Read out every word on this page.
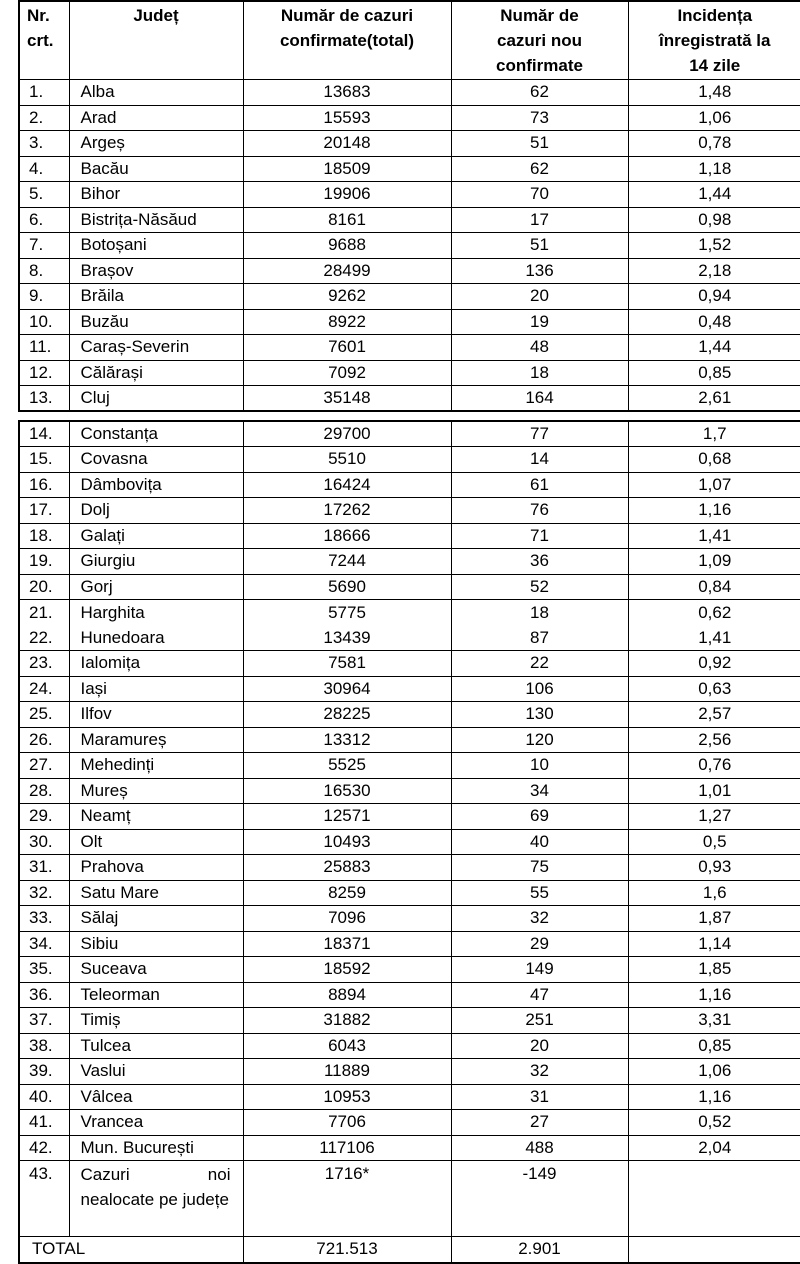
Nr. crt.	Județ	Număr de cazuri confirmate(total)	Număr de cazuri nou confirmate	Incidența înregistrată la 14 zile

1.	Alba	13683	62	1,48
2.	Arad	15593	73	1,06
3.	Argeș	20148	51	0,78
4.	Bacău	18509	62	1,18
5.	Bihor	19906	70	1,44
6.	Bistrița-Năsăud	8161	17	0,98
7.	Botoșani	9688	51	1,52
8.	Brașov	28499	136	2,18
9.	Brăila	9262	20	0,94
10.	Buzău	8922	19	0,48
11.	Caraș-Severin	7601	48	1,44
12.	Călărași	7092	18	0,85
13.	Cluj	35148	164	2,61
14.	Constanța	29700	77	1,7
15.	Covasna	5510	14	0,68
16.	Dâmbovița	16424	61	1,07
17.	Dolj	17262	76	1,16
18.	Galați	18666	71	1,41
19.	Giurgiu	7244	36	1,09
20.	Gorj	5690	52	0,84
21.	Harghita	5775	18	0,62
22.	Hunedoara	13439	87	1,41
23.	Ialomița	7581	22	0,92
24.	Iași	30964	106	0,63
25.	Ilfov	28225	130	2,57
26.	Maramureș	13312	120	2,56
27.	Mehedinți	5525	10	0,76
28.	Mureș	16530	34	1,01
29.	Neamț	12571	69	1,27
30.	Olt	10493	40	0,5
31.	Prahova	25883	75	0,93
32.	Satu Mare	8259	55	1,6
33.	Sălaj	7096	32	1,87
34.	Sibiu	18371	29	1,14
35.	Suceava	18592	149	1,85
36.	Teleorman	8894	47	1,16
37.	Timiș	31882	251	3,31
38.	Tulcea	6043	20	0,85
39.	Vaslui	11889	32	1,06
40.	Vâlcea	10953	31	1,16
41.	Vrancea	7706	27	0,52
42.	Mun. București	117106	488	2,04
43.	Cazuri noi nealocate pe județe	1716*	-149	
TOTAL		721.513	2.901	
